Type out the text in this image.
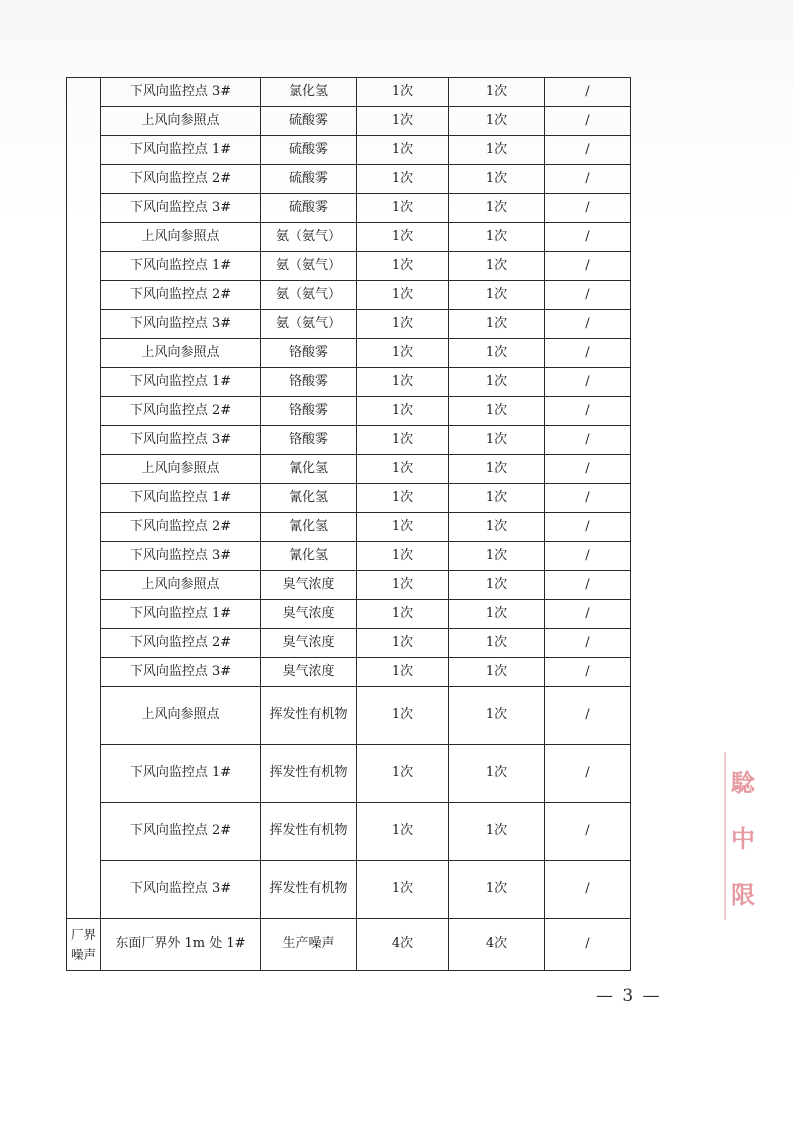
	下风向监控点 3#	氯化氢	1次	1次	/
	上风向参照点	硫酸雾	1次	1次	/
	下风向监控点 1#	硫酸雾	1次	1次	/
	下风向监控点 2#	硫酸雾	1次	1次	/
	下风向监控点 3#	硫酸雾	1次	1次	/
	上风向参照点	氨（氨气）	1次	1次	/
	下风向监控点 1#	氨（氨气）	1次	1次	/
	下风向监控点 2#	氨（氨气）	1次	1次	/
	下风向监控点 3#	氨（氨气）	1次	1次	/
	上风向参照点	铬酸雾	1次	1次	/
	下风向监控点 1#	铬酸雾	1次	1次	/
	下风向监控点 2#	铬酸雾	1次	1次	/
	下风向监控点 3#	铬酸雾	1次	1次	/
	上风向参照点	氰化氢	1次	1次	/
	下风向监控点 1#	氰化氢	1次	1次	/
	下风向监控点 2#	氰化氢	1次	1次	/
	下风向监控点 3#	氰化氢	1次	1次	/
	上风向参照点	臭气浓度	1次	1次	/
	下风向监控点 1#	臭气浓度	1次	1次	/
	下风向监控点 2#	臭气浓度	1次	1次	/
	下风向监控点 3#	臭气浓度	1次	1次	/
	上风向参照点	挥发性有机物	1次	1次	/
	下风向监控点 1#	挥发性有机物	1次	1次	/
	下风向监控点 2#	挥发性有机物	1次	1次	/
	下风向监控点 3#	挥发性有机物	1次	1次	/
厂界噪声	东面厂界外 1m 处 1#	生产噪声	4次	4次	/
— 3 —
騐
中
限
